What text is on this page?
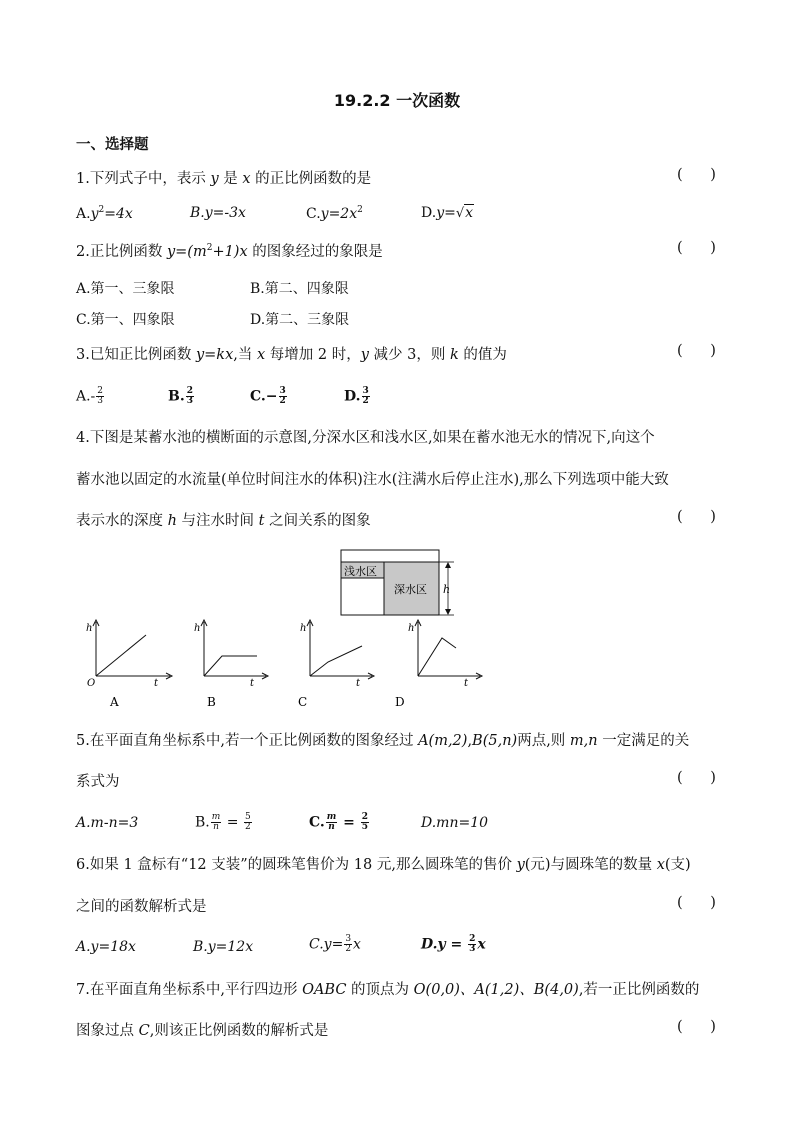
19.2.2 一次函数
一、选择题
1.下列式子中，表示 y 是 x 的正比例函数的是	(      )
$A.y^2=4x$	B.y=-3x	$C.y=2x^2$	D.y=√x
2.正比例函数 $y=(m^2+1)x$ 的图象经过的象限是	(      )
A.第一、三象限	B.第二、四象限
C.第一、四象限	D.第二、三象限
3.已知正比例函数 y=kx,当 x 每增加 2 时，y 减少 3，则 k 的值为	(      )
$A.- \frac{2}{3}$	B. $\frac{2}{3}$	$C.- \frac{3}{2}$	D. $\frac{3}{2}$
4.下图是某蓄水池的横断面的示意图,分深水区和浅水区,如果在蓄水池无水的情况下,向这个
蓄水池以固定的水流量(单位时间注水的体积)注水(注满水后停止注水),那么下列选项中能大致
表示水的深度 h 与注水时间 t 之间关系的图象	(      )
浅水区
深水区 h
h
O	t
A
h
t
B
h
t
C
h
t
D
5.在平面直角坐标系中,若一个正比例函数的图象经过 A(m,2),B(5,n)两点,则 m,n 一定满足的关
系式为	(      )
A.m-n=3	B. $\frac{m}{n} = \frac{5}{2}$	C. $\frac{m}{n} = \frac{2}{5}$	D.mn=10
6.如果 1 盒标有“12 支装”的圆珠笔售价为 18 元,那么圆珠笔的售价 y(元)与圆珠笔的数量 x(支)
之间的函数解析式是	(      )
A.y=18x	B.y=12x	$C.y= \frac{3}{2}$ x	$D.y = \frac{2}{3}$ x
7.在平面直角坐标系中,平行四边形 OABC 的顶点为 O(0,0)、A(1,2)、B(4,0),若一正比例函数的
图象过点 C,则该正比例函数的解析式是	(      )
